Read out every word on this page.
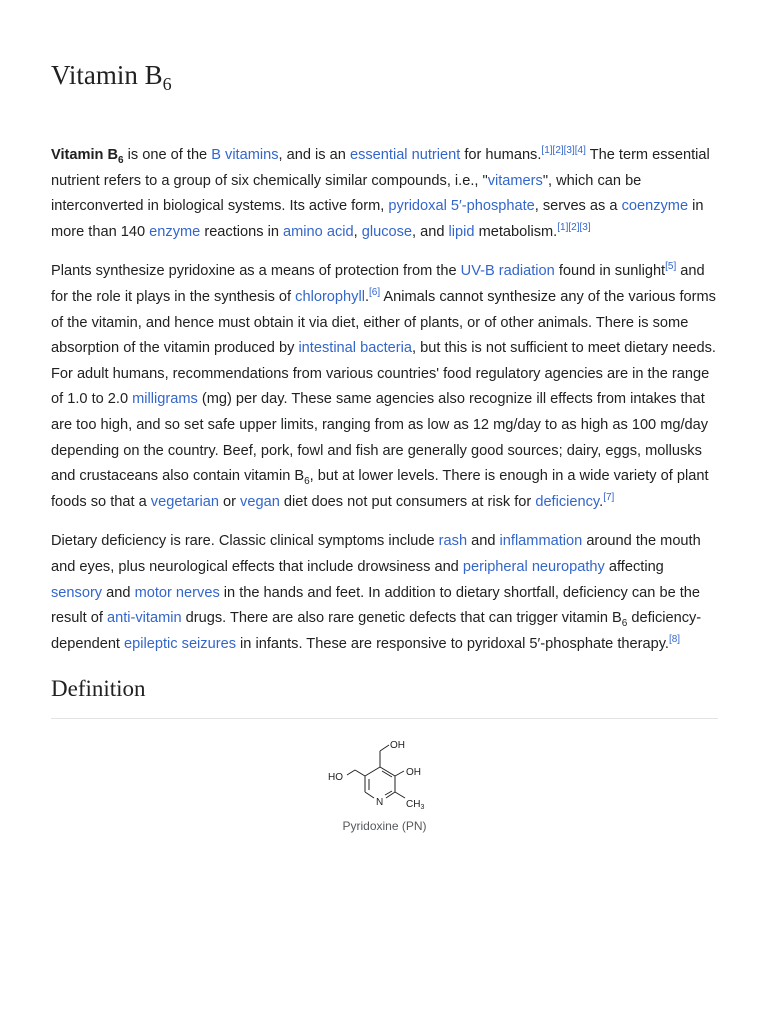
Vitamin $B_6$

Vitamin $B_6$ is one of the B vitamins, and is an essential nutrient for humans.[1][2][3][4] The term essential nutrient refers to a group of six chemically similar compounds, i.e., "vitamers", which can be interconverted in biological systems. Its active form, pyridoxal 5′-phosphate, serves as a coenzyme in more than 140 enzyme reactions in amino acid, glucose, and lipid metabolism.[1][2][3]

Plants synthesize pyridoxine as a means of protection from the UV-B radiation found in sunlight[5] and for the role it plays in the synthesis of chlorophyll.[6] Animals cannot synthesize any of the various forms of the vitamin, and hence must obtain it via diet, either of plants, or of other animals. There is some absorption of the vitamin produced by intestinal bacteria, but this is not sufficient to meet dietary needs. For adult humans, recommendations from various countries' food regulatory agencies are in the range of 1.0 to 2.0 milligrams (mg) per day. These same agencies also recognize ill effects from intakes that are too high, and so set safe upper limits, ranging from as low as 12 mg/day to as high as 100 mg/day depending on the country. Beef, pork, fowl and fish are generally good sources; dairy, eggs, mollusks and crustaceans also contain vitamin $B_6$, but at lower levels. There is enough in a wide variety of plant foods so that a vegetarian or vegan diet does not put consumers at risk for deficiency.[7]

Dietary deficiency is rare. Classic clinical symptoms include rash and inflammation around the mouth and eyes, plus neurological effects that include drowsiness and peripheral neuropathy affecting sensory and motor nerves in the hands and feet. In addition to dietary shortfall, deficiency can be the result of anti-vitamin drugs. There are also rare genetic defects that can trigger vitamin $B_6$ deficiency-dependent epileptic seizures in infants. These are responsive to pyridoxal 5′-phosphate therapy.[8]

Definition
OH
OH
HO
N $CH_3$
Pyridoxine (PN)
